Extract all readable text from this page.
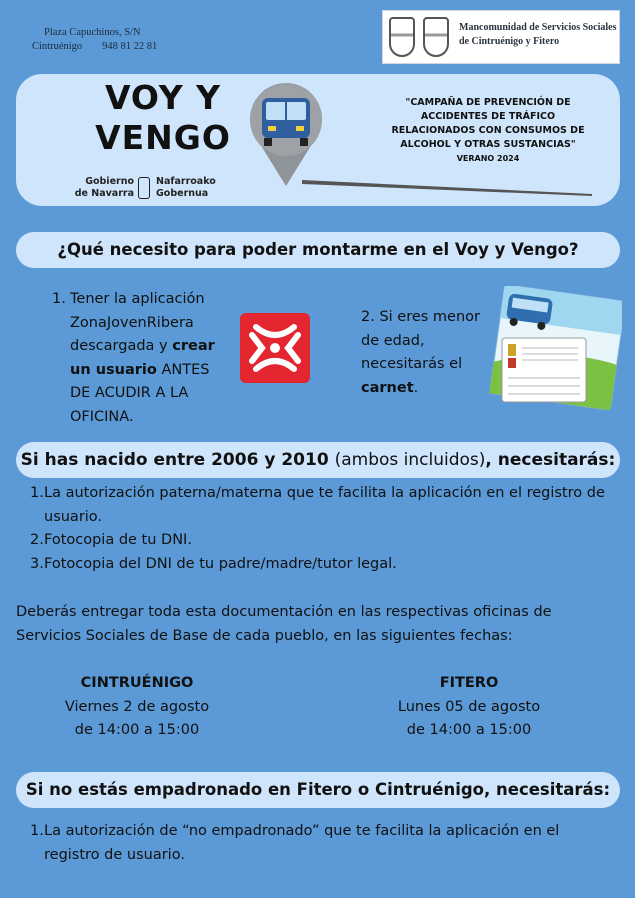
Plaza Capuchinos, S/N
Cintruénigo 948 81 22 81
Mancomunidad de Servicios Sociales
de Cintruénigo y Fitero
VOY Y
VENGO
Gobierno
de Navarra
Nafarroako
Gobernua
"CAMPAÑA DE PREVENCIÓN DE
ACCIDENTES DE TRÁFICO
RELACIONADOS CON CONSUMOS DE
ALCOHOL Y OTRAS SUSTANCIAS"
VERANO 2024
¿Qué necesito para poder montarme en el Voy y Vengo?
1. Tener la aplicación ZonaJovenRibera descargada y crear un usuario ANTES DE ACUDIR A LA OFICINA.
2. Si eres menor de edad, necesitarás el carnet.
Si has nacido entre 2006 y 2010 (ambos incluidos), necesitarás:
1. La autorización paterna/materna que te facilita la aplicación en el registro de usuario.
2. Fotocopia de tu DNI.
3. Fotocopia del DNI de tu padre/madre/tutor legal.
Deberás entregar toda esta documentación en las respectivas oficinas de Servicios Sociales de Base de cada pueblo, en las siguientes fechas:
CINTRUÉNIGO
Viernes 2 de agosto
de 14:00 a 15:00
FITERO
Lunes 05 de agosto
de 14:00 a 15:00
Si no estás empadronado en Fitero o Cintruénigo, necesitarás:
1. La autorización de “no empadronado” que te facilita la aplicación en el registro de usuario.
